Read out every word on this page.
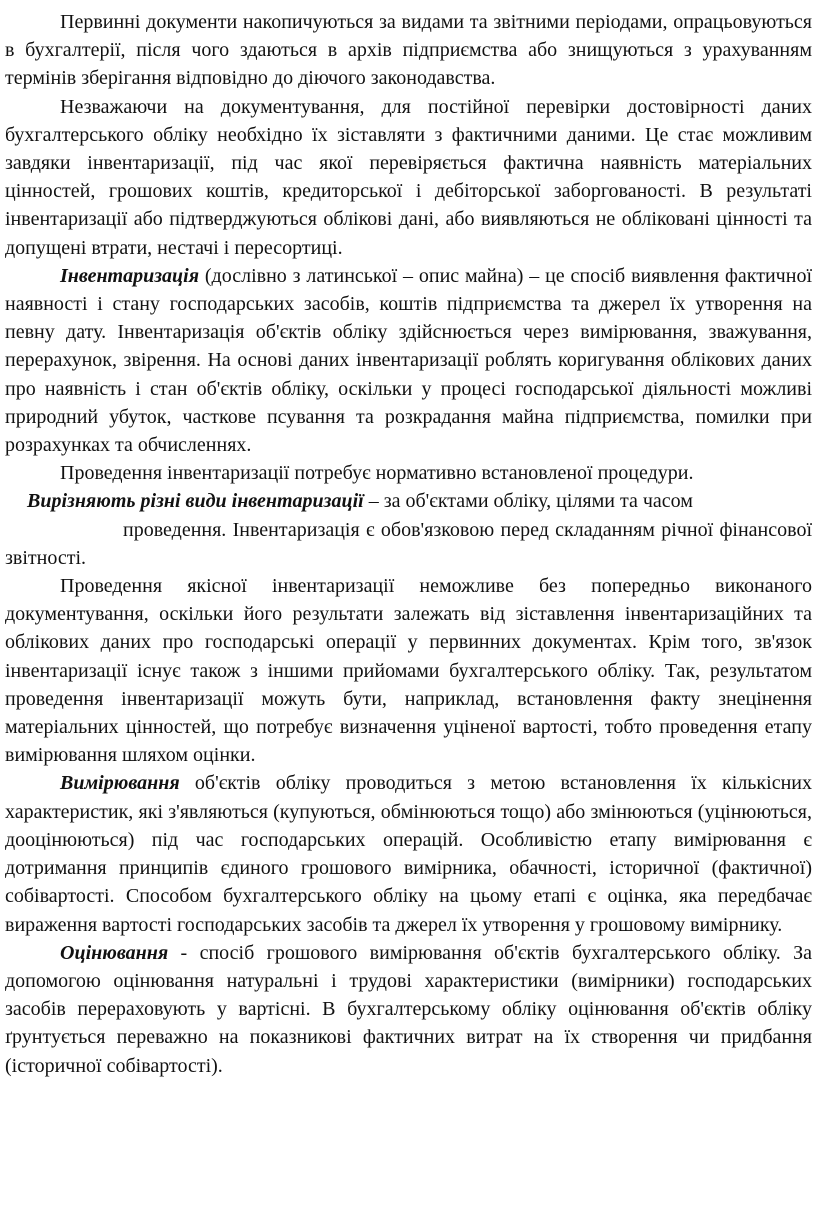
Первинні документи накопичуються за видами та звітними періодами, опрацьовуються в бухгалтерії, після чого здаються в архів підприємства або знищуються з урахуванням термінів зберігання відповідно до діючого законодавства.

Незважаючи на документування, для постійної перевірки достовірності даних бухгалтерського обліку необхідно їх зіставляти з фактичними даними. Це стає можливим завдяки інвентаризації, під час якої перевіряється фактична наявність матеріальних цінностей, грошових коштів, кредиторської і дебіторської заборгованості. В результаті інвентаризації або підтверджуються облікові дані, або виявляються не обліковані цінності та допущені втрати, нестачі і пересортиці.

Інвентаризація (дослівно з латинської – опис майна) – це спосіб виявлення фактичної наявності і стану господарських засобів, коштів підприємства та джерел їх утворення на певну дату. Інвентаризація об'єктів обліку здійснюється через вимірювання, зважування, перерахунок, звірення. На основі даних інвентаризації роблять коригування облікових даних про наявність і стан об'єктів обліку, оскільки у процесі господарської діяльності можливі природний убуток, часткове псування та розкрадання майна підприємства, помилки при розрахунках та обчисленнях.

Проведення інвентаризації потребує нормативно встановленої процедури.

Вирізняють різні види інвентаризації – за об'єктами обліку, цілями та часом

проведення. Інвентаризація є обов'язковою перед складанням річної фінансової звітності.

Проведення якісної інвентаризації неможливе без попередньо виконаного документування, оскільки його результати залежать від зіставлення інвентаризаційних та облікових даних про господарські операції у первинних документах. Крім того, зв'язок інвентаризації існує також з іншими прийомами бухгалтерського обліку. Так, результатом проведення інвентаризації можуть бути, наприклад, встановлення факту знецінення матеріальних цінностей, що потребує визначення уціненої вартості, тобто проведення етапу вимірювання шляхом оцінки.

Вимірювання об'єктів обліку проводиться з метою встановлення їх кількісних характеристик, які з'являються (купуються, обмінюються тощо) або змінюються (уцінюються, дооцінюються) під час господарських операцій. Особливістю етапу вимірювання є дотримання принципів єдиного грошового вимірника, обачності, історичної (фактичної) собівартості. Способом бухгалтерського обліку на цьому етапі є оцінка, яка передбачає вираження вартості господарських засобів та джерел їх утворення у грошовому вимірнику.

Оцінювання - спосіб грошового вимірювання об'єктів бухгалтерського обліку. За допомогою оцінювання натуральні і трудові характеристики (вимірники) господарських засобів перераховують у вартісні. В бухгалтерському обліку оцінювання об'єктів обліку ґрунтується переважно на показникові фактичних витрат на їх створення чи придбання (історичної собівартості).
